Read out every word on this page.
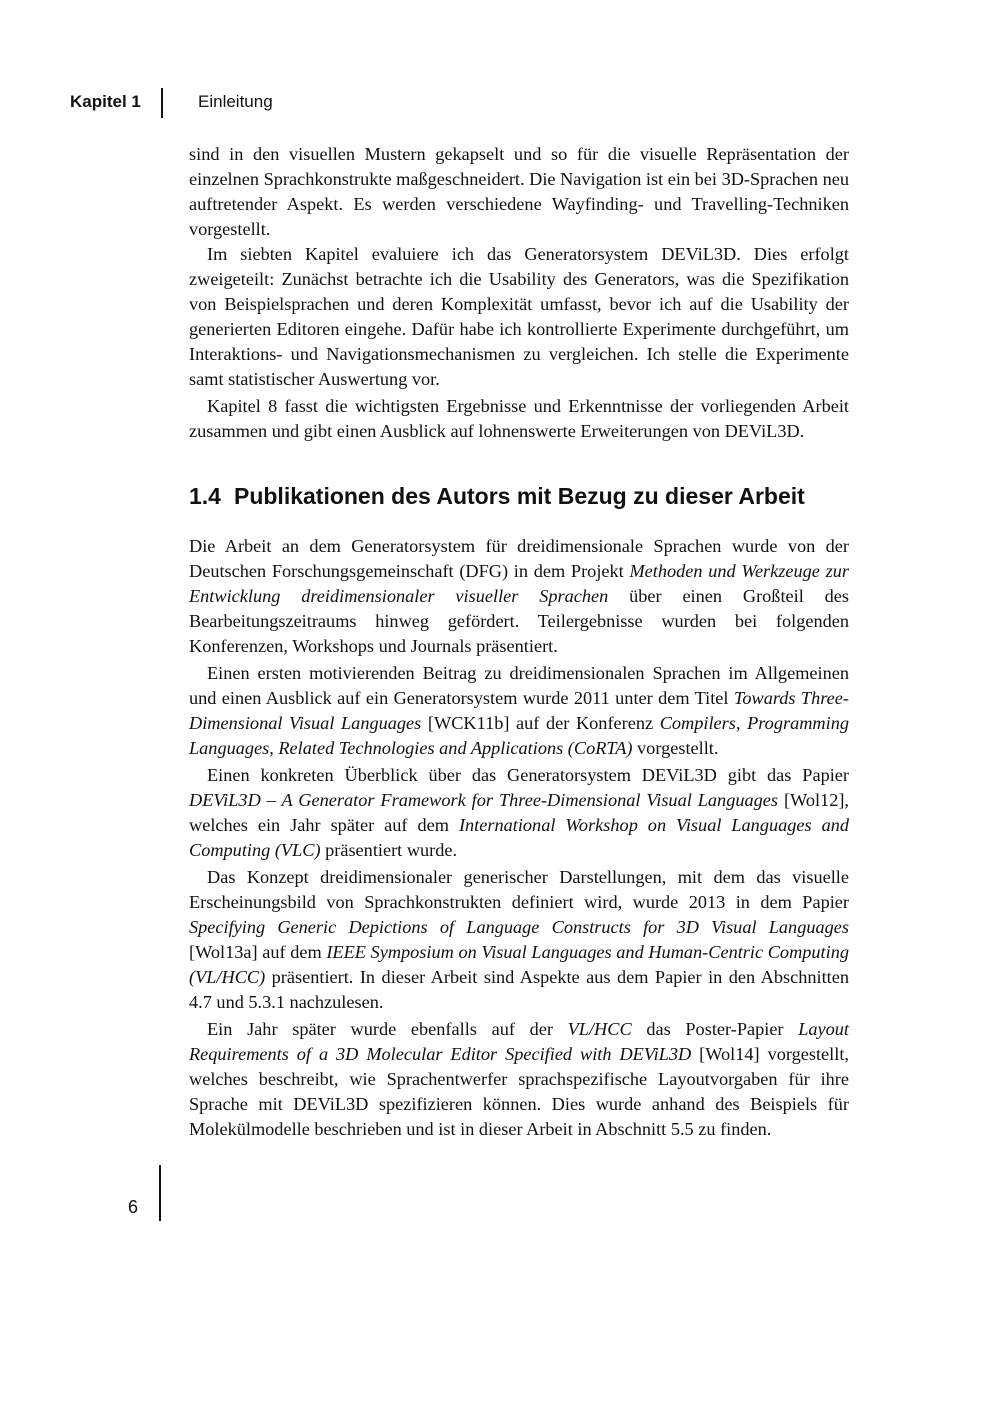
Kapitel 1	Einleitung

sind in den visuellen Mustern gekapselt und so für die visuelle Repräsentation der einzelnen Sprachkonstrukte maßgeschneidert. Die Navigation ist ein bei 3D-Sprachen neu auftretender Aspekt. Es werden verschiedene Wayfinding- und Travelling-Techniken vorgestellt.

Im siebten Kapitel evaluiere ich das Generatorsystem DEViL3D. Dies erfolgt zweigeteilt: Zunächst betrachte ich die Usability des Generators, was die Spezifikation von Beispielsprachen und deren Komplexität umfasst, bevor ich auf die Usability der generierten Editoren eingehe. Dafür habe ich kontrollierte Experimente durchgeführt, um Interaktions- und Navigationsmechanismen zu vergleichen. Ich stelle die Experimente samt statistischer Auswertung vor.

Kapitel 8 fasst die wichtigsten Ergebnisse und Erkenntnisse der vorliegenden Arbeit zusammen und gibt einen Ausblick auf lohnenswerte Erweiterungen von DEViL3D.

1.4 Publikationen des Autors mit Bezug zu dieser Arbeit

Die Arbeit an dem Generatorsystem für dreidimensionale Sprachen wurde von der Deutschen Forschungsgemeinschaft (DFG) in dem Projekt Methoden und Werkzeuge zur Entwicklung dreidimensionaler visueller Sprachen über einen Großteil des Bearbeitungszeitraums hinweg gefördert. Teilergebnisse wurden bei folgenden Konferenzen, Workshops und Journals präsentiert.

Einen ersten motivierenden Beitrag zu dreidimensionalen Sprachen im Allgemeinen und einen Ausblick auf ein Generatorsystem wurde 2011 unter dem Titel Towards Three-Dimensional Visual Languages [WCK11b] auf der Konferenz Compilers, Programming Languages, Related Technologies and Applications (CoRTA) vorgestellt.

Einen konkreten Überblick über das Generatorsystem DEViL3D gibt das Papier DEViL3D – A Generator Framework for Three-Dimensional Visual Languages [Wol12], welches ein Jahr später auf dem International Workshop on Visual Languages and Computing (VLC) präsentiert wurde.

Das Konzept dreidimensionaler generischer Darstellungen, mit dem das visuelle Erscheinungsbild von Sprachkonstrukten definiert wird, wurde 2013 in dem Papier Specifying Generic Depictions of Language Constructs for 3D Visual Languages [Wol13a] auf dem IEEE Symposium on Visual Languages and Human-Centric Computing (VL/HCC) präsentiert. In dieser Arbeit sind Aspekte aus dem Papier in den Abschnitten 4.7 und 5.3.1 nachzulesen.

Ein Jahr später wurde ebenfalls auf der VL/HCC das Poster-Papier Layout Requirements of a 3D Molecular Editor Specified with DEViL3D [Wol14] vorgestellt, welches beschreibt, wie Sprachentwerfer sprachspezifische Layoutvorgaben für ihre Sprache mit DEViL3D spezifizieren können. Dies wurde anhand des Beispiels für Molekülmodelle beschrieben und ist in dieser Arbeit in Abschnitt 5.5 zu finden.

6
